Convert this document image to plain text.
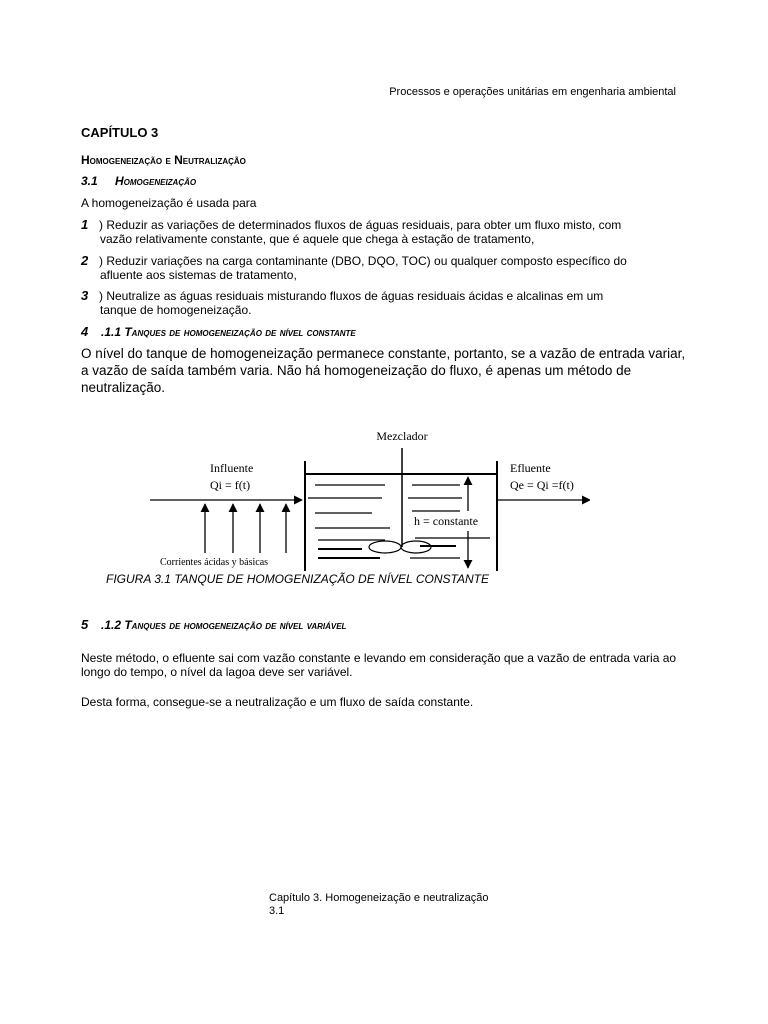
Processos e operações unitárias em engenharia ambiental
CAPÍTULO 3
Homogeneização e Neutralização
3.1 Homogeneização
A homogeneização é usada para
1 ) Reduzir as variações de determinados fluxos de águas residuais, para obter um fluxo misto, com
vazão relativamente constante, que é aquele que chega à estação de tratamento,
2 ) Reduzir variações na carga contaminante (DBO, DQO, TOC) ou qualquer composto específico do
afluente aos sistemas de tratamento,
3 ) Neutralize as águas residuais misturando fluxos de águas residuais ácidas e alcalinas em um
tanque de homogeneização.
4 .1.1 Tanques de homogeneização de nível constante
O nível do tanque de homogeneização permanece constante, portanto, se a vazão de entrada variar, a vazão de saída também varia. Não há homogeneização do fluxo, é apenas um método de neutralização.
Mezclador
Influente
Qi = f(t)
Efluente
Qe = Qi =f(t)
h = constante
Corrientes ácidas y básicas
FIGURA 3.1 TANQUE DE HOMOGENIZAÇÃO DE NÍVEL CONSTANTE
5 .1.2 Tanques de homogeneização de nível variável
Neste método, o efluente sai com vazão constante e levando em consideração que a vazão de entrada varia ao longo do tempo, o nível da lagoa deve ser variável.
Desta forma, consegue-se a neutralização e um fluxo de saída constante.
Capítulo 3. Homogeneização e neutralização
3.1
